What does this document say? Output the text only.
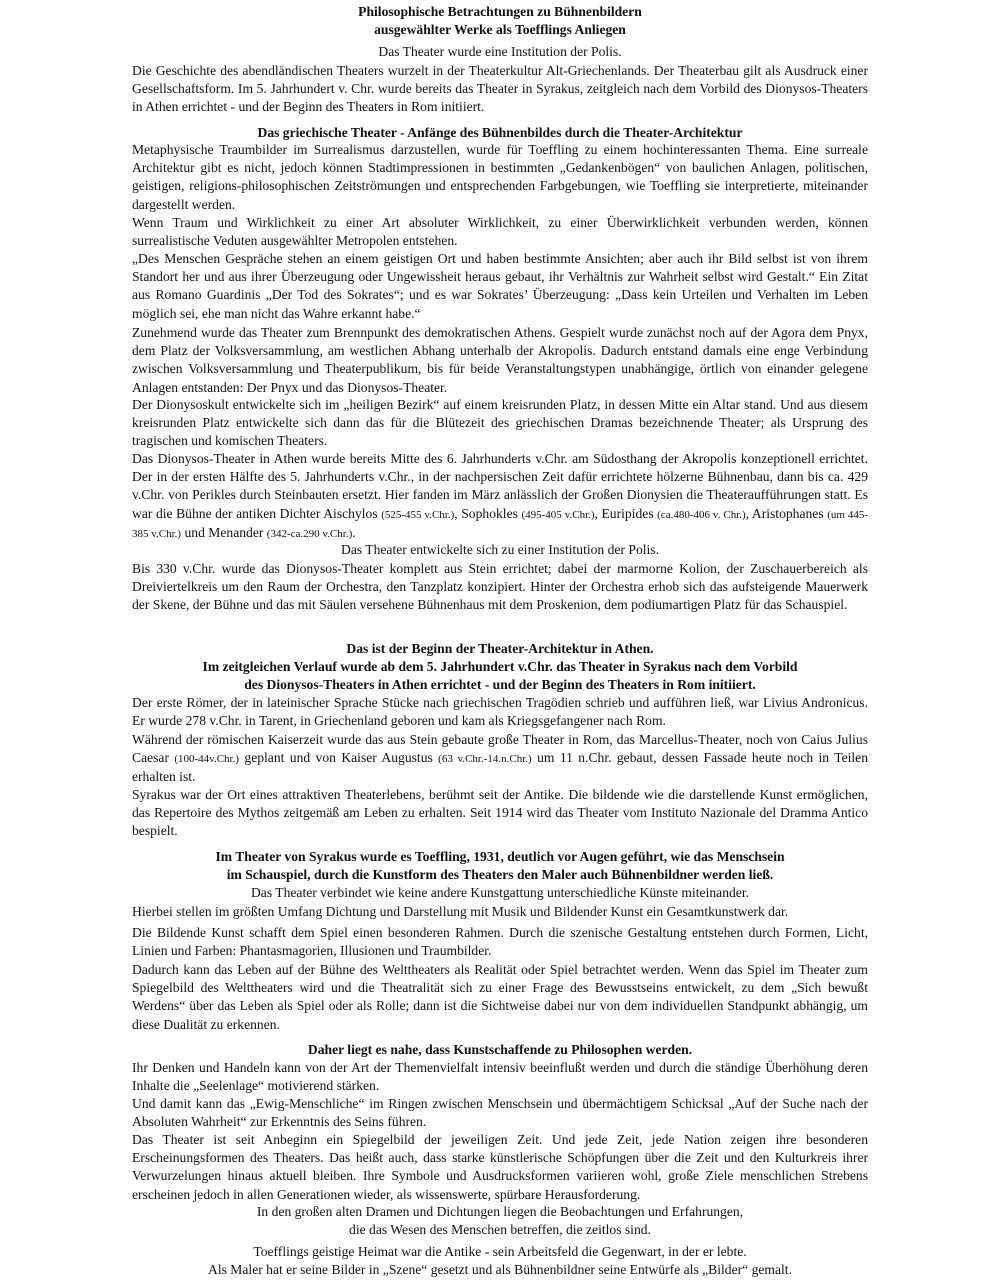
Philosophische Betrachtungen zu Bühnenbildern
ausgewählter Werke als Toefflings Anliegen
Das Theater wurde eine Institution der Polis.
Die Geschichte des abendländischen Theaters wurzelt in der Theaterkultur Alt-Griechenlands. Der Theaterbau gilt als Ausdruck einer Gesellschaftsform. Im 5. Jahrhundert v. Chr. wurde bereits das Theater in Syrakus, zeitgleich nach dem Vorbild des Dionysos-Theaters in Athen errichtet - und der Beginn des Theaters in Rom initiiert.
Das griechische Theater - Anfänge des Bühnenbildes durch die Theater-Architektur
Metaphysische Traumbilder im Surrealismus darzustellen, wurde für Toeffling zu einem hochinteressanten Thema. Eine surreale Architektur gibt es nicht, jedoch können Stadtimpressionen in bestimmten „Gedankenbögen“ von baulichen Anlagen, politischen, geistigen, religions-philosophischen Zeitströmungen und entsprechenden Farbgebungen, wie Toeffling sie interpretierte, miteinander dargestellt werden.
Wenn Traum und Wirklichkeit zu einer Art absoluter Wirklichkeit, zu einer Überwirklichkeit verbunden werden, können surrealistische Veduten ausgewählter Metropolen entstehen.
„Des Menschen Gespräche stehen an einem geistigen Ort und haben bestimmte Ansichten; aber auch ihr Bild selbst ist von ihrem Standort her und aus ihrer Überzeugung oder Ungewissheit heraus gebaut, ihr Verhältnis zur Wahrheit selbst wird Gestalt.“ Ein Zitat aus Romano Guardinis „Der Tod des Sokrates“; und es war Sokrates’ Überzeugung: „Dass kein Urteilen und Verhalten im Leben möglich sei, ehe man nicht das Wahre erkannt habe.“
Zunehmend wurde das Theater zum Brennpunkt des demokratischen Athens. Gespielt wurde zunächst noch auf der Agora dem Pnyx, dem Platz der Volksversammlung, am westlichen Abhang unterhalb der Akropolis. Dadurch entstand damals eine enge Verbindung zwischen Volksversammlung und Theaterpublikum, bis für beide Veranstaltungstypen unabhängige, örtlich von einander gelegene Anlagen entstanden: Der Pnyx und das Dionysos-Theater.
Der Dionysoskult entwickelte sich im „heiligen Bezirk“ auf einem kreisrunden Platz, in dessen Mitte ein Altar stand. Und aus diesem kreisrunden Platz entwickelte sich dann das für die Blütezeit des griechischen Dramas bezeichnende Theater; als Ursprung des tragischen und komischen Theaters.
Das Dionysos-Theater in Athen wurde bereits Mitte des 6. Jahrhunderts v.Chr. am Südosthang der Akropolis konzeptionell errichtet. Der in der ersten Hälfte des 5. Jahrhunderts v.Chr., in der nachpersischen Zeit dafür errichtete hölzerne Bühnenbau, dann bis ca. 429 v.Chr. von Perikles durch Steinbauten ersetzt. Hier fanden im März anlässlich der Großen Dionysien die Theateraufführungen statt. Es war die Bühne der antiken Dichter Aischylos (525-455 v.Chr.), Sophokles (495-405 v.Chr.), Euripides (ca.480-406 v. Chr.), Aristophanes (um 445-385 v.Chr.) und Menander (342-ca.290 v.Chr.).
Das Theater entwickelte sich zu einer Institution der Polis.
Bis 330 v.Chr. wurde das Dionysos-Theater komplett aus Stein errichtet; dabei der marmorne Kolion, der Zuschauerbereich als Dreiviertelkreis um den Raum der Orchestra, den Tanzplatz konzipiert. Hinter der Orchestra erhob sich das aufsteigende Mauerwerk der Skene, der Bühne und das mit Säulen versehene Bühnenhaus mit dem Proskenion, dem podiumartigen Platz für das Schauspiel.
Das ist der Beginn der Theater-Architektur in Athen.
Im zeitgleichen Verlauf wurde ab dem 5. Jahrhundert v.Chr. das Theater in Syrakus nach dem Vorbild
des Dionysos-Theaters in Athen errichtet - und der Beginn des Theaters in Rom initiiert.
Der erste Römer, der in lateinischer Sprache Stücke nach griechischen Tragödien schrieb und aufführen ließ, war Livius Andronicus. Er wurde 278 v.Chr. in Tarent, in Griechenland geboren und kam als Kriegsgefangener nach Rom.
Während der römischen Kaiserzeit wurde das aus Stein gebaute große Theater in Rom, das Marcellus-Theater, noch von Caius Julius Caesar (100-44v.Chr.) geplant und von Kaiser Augustus (63 v.Chr.-14.n.Chr.) um 11 n.Chr. gebaut, dessen Fassade heute noch in Teilen erhalten ist.
Syrakus war der Ort eines attraktiven Theaterlebens, berühmt seit der Antike. Die bildende wie die darstellende Kunst ermöglichen, das Repertoire des Mythos zeitgemäß am Leben zu erhalten. Seit 1914 wird das Theater vom Instituto Nazionale del Dramma Antico bespielt.
Im Theater von Syrakus wurde es Toeffling, 1931, deutlich vor Augen geführt, wie das Menschsein
im Schauspiel, durch die Kunstform des Theaters den Maler auch Bühnenbildner werden ließ.
Das Theater verbindet wie keine andere Kunstgattung unterschiedliche Künste miteinander.
Hierbei stellen im größten Umfang Dichtung und Darstellung mit Musik und Bildender Kunst ein Gesamtkunstwerk dar.
Die Bildende Kunst schafft dem Spiel einen besonderen Rahmen. Durch die szenische Gestaltung entstehen durch Formen, Licht, Linien und Farben: Phantasmagorien, Illusionen und Traumbilder.
Dadurch kann das Leben auf der Bühne des Welttheaters als Realität oder Spiel betrachtet werden. Wenn das Spiel im Theater zum Spiegelbild des Welttheaters wird und die Theatralität sich zu einer Frage des Bewusstseins entwickelt, zu dem „Sich bewußt Werdens“ über das Leben als Spiel oder als Rolle; dann ist die Sichtweise dabei nur von dem individuellen Standpunkt abhängig, um diese Dualität zu erkennen.
Daher liegt es nahe, dass Kunstschaffende zu Philosophen werden.
Ihr Denken und Handeln kann von der Art der Themenvielfalt intensiv beeinflußt werden und durch die ständige Überhöhung deren Inhalte die „Seelenlage“ motivierend stärken.
Und damit kann das „Ewig-Menschliche“ im Ringen zwischen Menschsein und übermächtigem Schicksal „Auf der Suche nach der Absoluten Wahrheit“ zur Erkenntnis des Seins führen.
Das Theater ist seit Anbeginn ein Spiegelbild der jeweiligen Zeit. Und jede Zeit, jede Nation zeigen ihre besonderen Erscheinungsformen des Theaters. Das heißt auch, dass starke künstlerische Schöpfungen über die Zeit und den Kulturkreis ihrer Verwurzelungen hinaus aktuell bleiben. Ihre Symbole und Ausdrucksformen variieren wohl, große Ziele menschlichen Strebens erscheinen jedoch in allen Generationen wieder, als wissenswerte, spürbare Herausforderung.
In den großen alten Dramen und Dichtungen liegen die Beobachtungen und Erfahrungen,
die das Wesen des Menschen betreffen, die zeitlos sind.
Toefflings geistige Heimat war die Antike - sein Arbeitsfeld die Gegenwart, in der er lebte.
Als Maler hat er seine Bilder in „Szene“ gesetzt und als Bühnenbildner seine Entwürfe als „Bilder“ gemalt.
